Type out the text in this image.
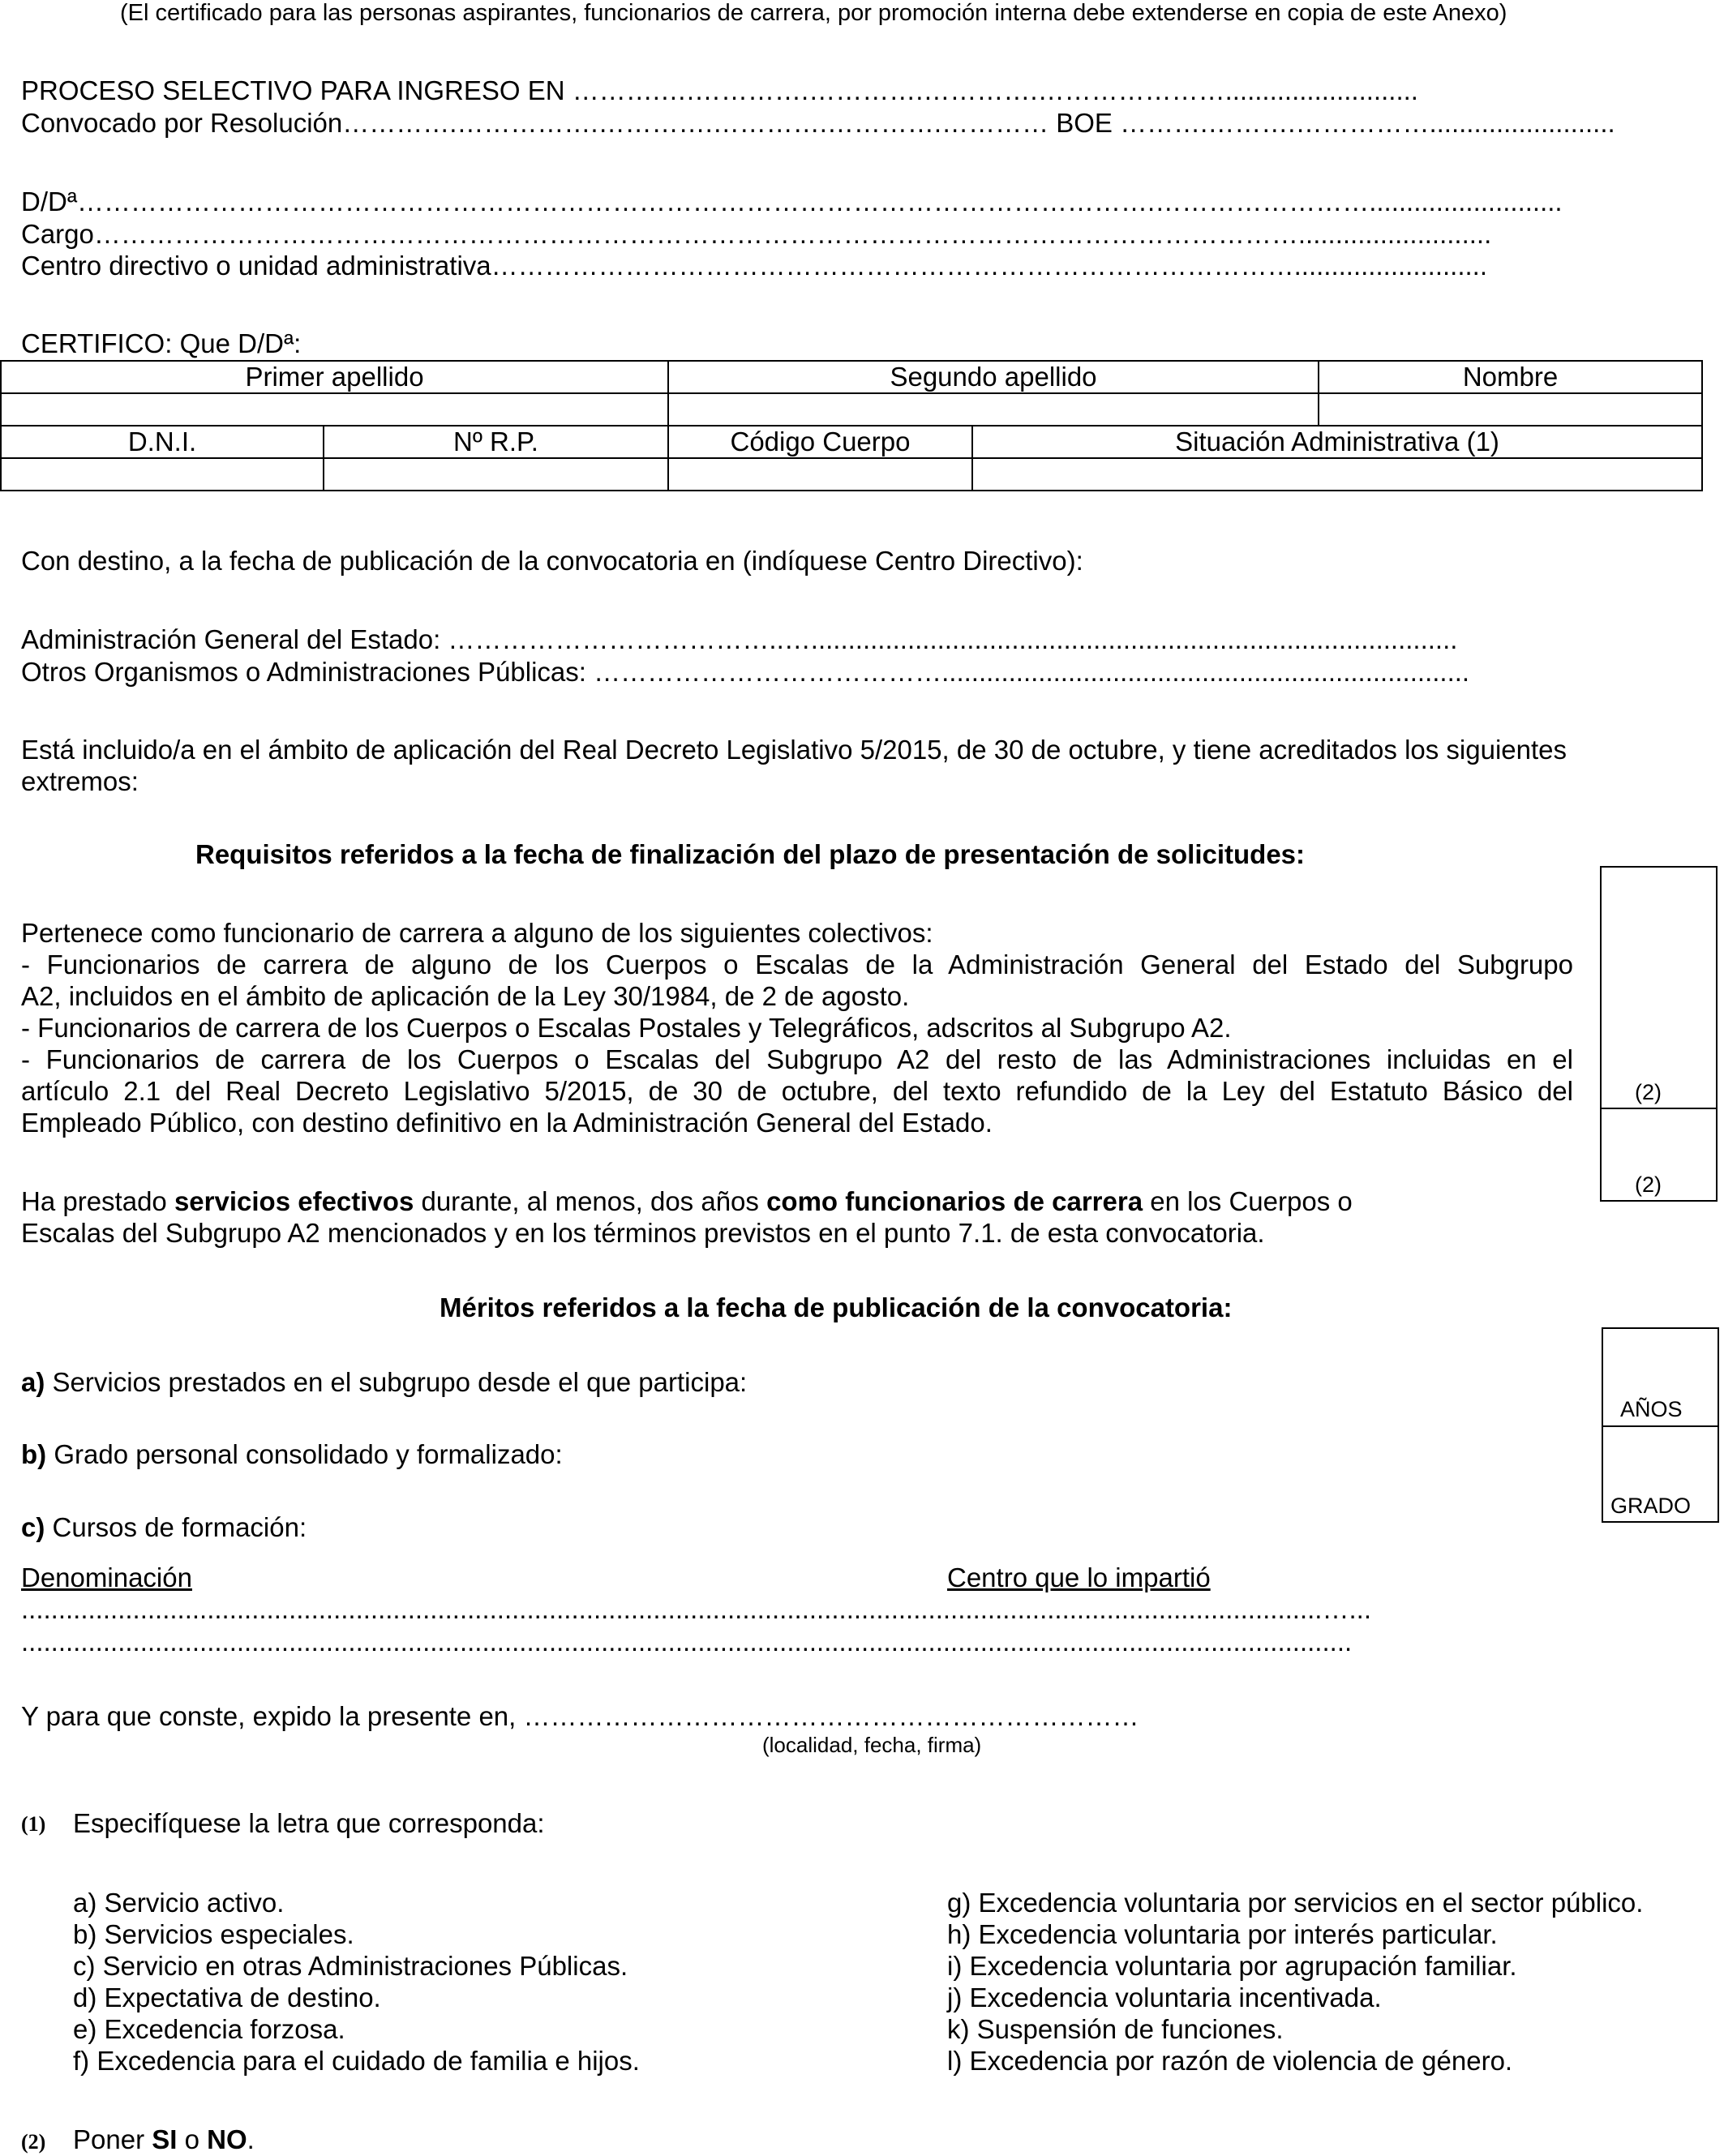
(El certificado para las personas aspirantes, funcionarios de carrera, por promoción interna debe extenderse en copia de este Anexo)
PROCESO SELECTIVO PARA INGRESO EN ……….….………….………….………….…………………..........................
Convocado por Resolución………….…………….………….………….………….………… BOE ……….……….…………….........................
D/Dª………………………………………………………………………………………………………….……………………..........................
Cargo………………………………………………………………………………………………………………………..........................
Centro directivo o unidad administrativa………………………………………………………………………………..........................
CERTIFICO: Que D/Dª:
Primer apellido		Segundo apellido		Nombre

D.N.I.	Nº R.P.	Código Cuerpo	Situación Administrativa (1)	

Con destino, a la fecha de publicación de la convocatoria en (indíquese Centro Directivo):
Administración General del Estado: ………………………………..….......................................................................................
Otros Organismos o Administraciones Públicas: ………………………………….......................................................................
Está incluido/a en el ámbito de aplicación del Real Decreto Legislativo 5/2015, de 30 de octubre, y tiene acreditados los siguientes
extremos:
Requisitos referidos a la fecha de finalización del plazo de presentación de solicitudes:
Pertenece como funcionario de carrera a alguno de los siguientes colectivos:
- Funcionarios de carrera de alguno de los Cuerpos o Escalas de la Administración General del Estado del Subgrupo
A2, incluidos en el ámbito de aplicación de la Ley 30/1984, de 2 de agosto.
- Funcionarios de carrera de los Cuerpos o Escalas Postales y Telegráficos, adscritos al Subgrupo A2.
- Funcionarios de carrera de los Cuerpos o Escalas del Subgrupo A2 del resto de las Administraciones incluidas en el
artículo 2.1 del Real Decreto Legislativo 5/2015, de 30 de octubre, del texto refundido de la Ley del Estatuto Básico del
Empleado Público, con destino definitivo en la Administración General del Estado.
Ha prestado servicios efectivos durante, al menos, dos años como funcionarios de carrera en los Cuerpos o
Escalas del Subgrupo A2 mencionados y en los términos previstos en el punto 7.1. de esta convocatoria.
(2)
(2)
Méritos referidos a la fecha de publicación de la convocatoria:
a) Servicios prestados en el subgrupo desde el que participa:
b) Grado personal consolidado y formalizado:
c) Cursos de formación:
AÑOS
GRADO
Denominación	Centro que lo impartió
...............................................................................................................................................................................…...
...................................................................................................................................................................................
Y para que conste, expido la presente en, ……………………………………………………………
(localidad, fecha, firma)
(1) Especifíquese la letra que corresponda:
a) Servicio activo.
b) Servicios especiales.
c) Servicio en otras Administraciones Públicas.
d) Expectativa de destino.
e) Excedencia forzosa.
f) Excedencia para el cuidado de familia e hijos.
g) Excedencia voluntaria por servicios en el sector público.
h) Excedencia voluntaria por interés particular.
i) Excedencia voluntaria por agrupación familiar.
j) Excedencia voluntaria incentivada.
k) Suspensión de funciones.
l) Excedencia por razón de violencia de género.
(2) Poner SI o NO.
